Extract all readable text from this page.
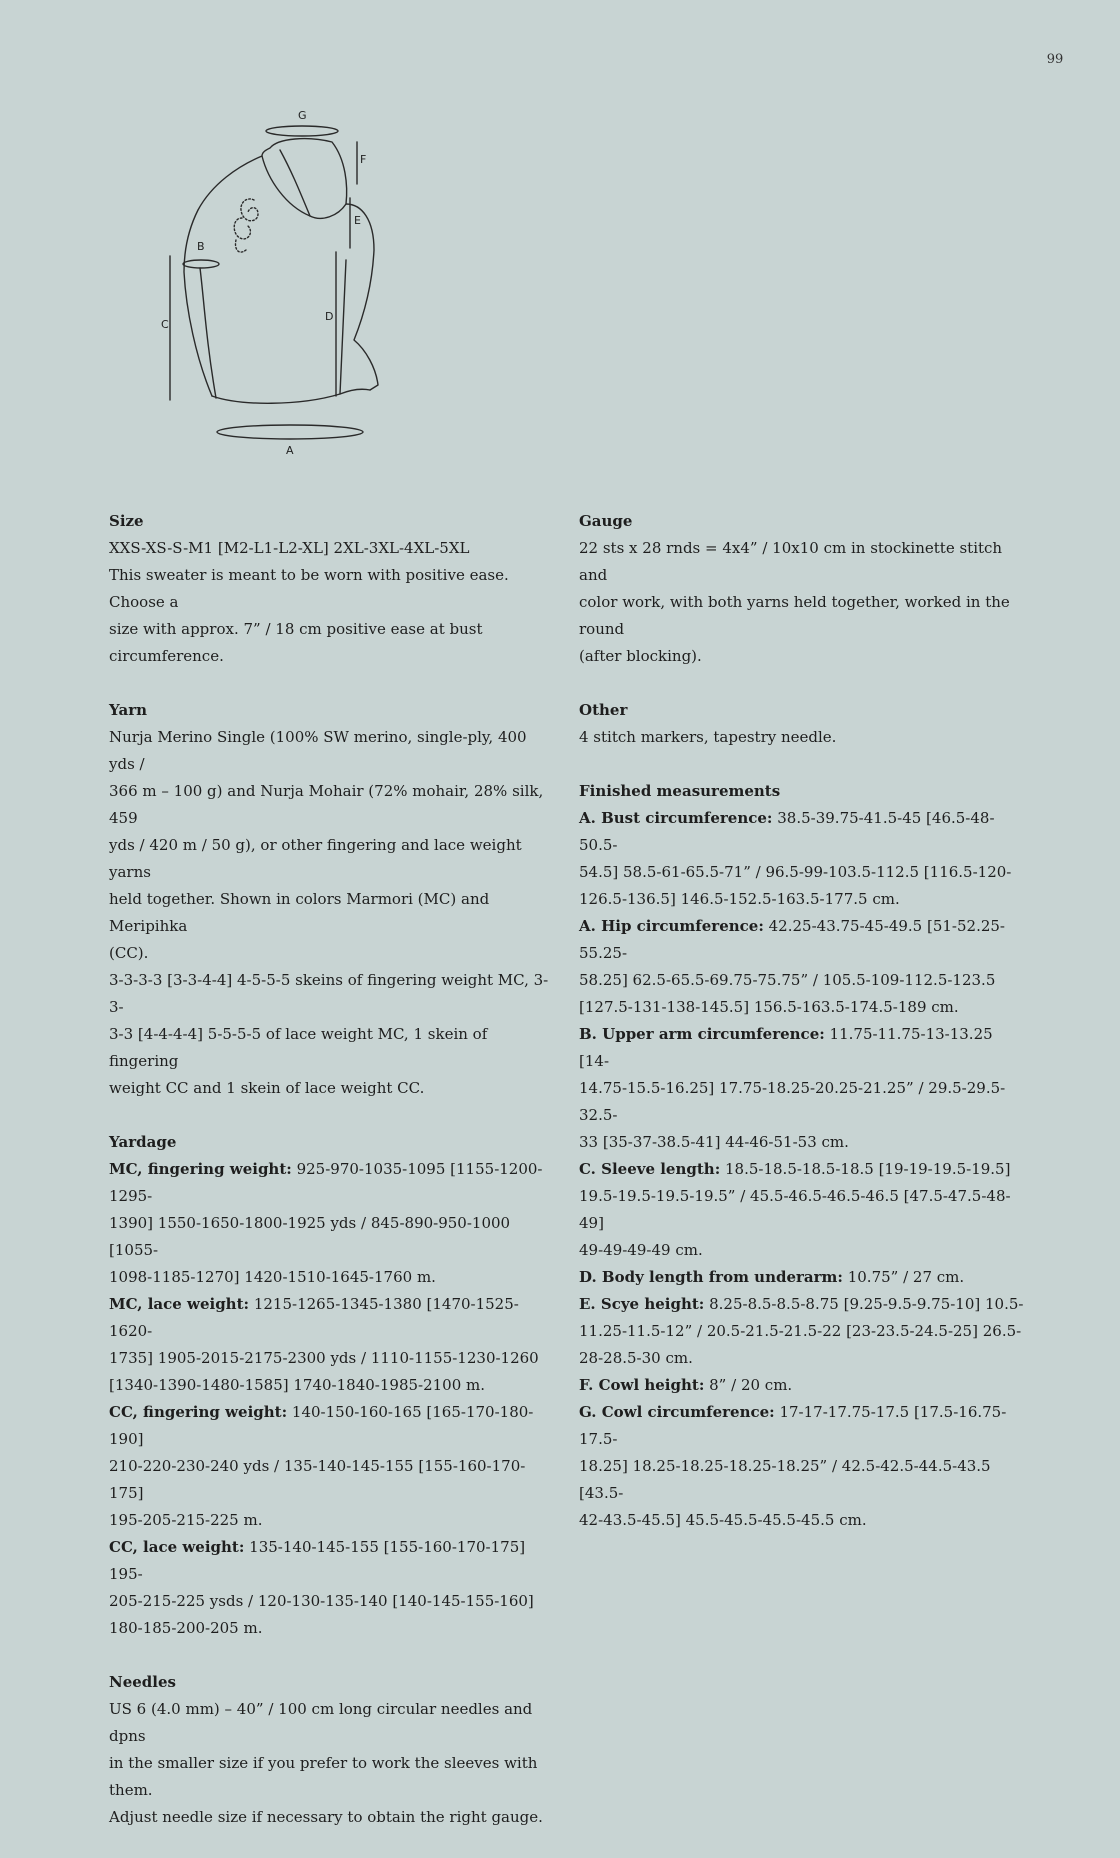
99
G
F
E
B
D
C
A
Size
XXS-XS-S-M1 [M2-L1-L2-XL] 2XL-3XL-4XL-5XL
This sweater is meant to be worn with positive ease. Choose a
size with approx. 7” / 18 cm positive ease at bust circumference.
Yarn
Nurja Merino Single (100% SW merino, single-ply, 400 yds /
366 m – 100 g) and Nurja Mohair (72% mohair, 28% silk, 459
yds / 420 m / 50 g), or other fingering and lace weight yarns
held together. Shown in colors Marmori (MC) and Meripihka
(CC).
3-3-3-3 [3-3-4-4] 4-5-5-5 skeins of fingering weight MC, 3-3-
3-3 [4-4-4-4] 5-5-5-5 of lace weight MC, 1 skein of fingering
weight CC and 1 skein of lace weight CC.
Yardage
MC, fingering weight: 925-970-1035-1095 [1155-1200-1295-
1390] 1550-1650-1800-1925 yds / 845-890-950-1000 [1055-
1098-1185-1270] 1420-1510-1645-1760 m.
MC, lace weight: 1215-1265-1345-1380 [1470-1525-1620-
1735] 1905-2015-2175-2300 yds / 1110-1155-1230-1260
[1340-1390-1480-1585] 1740-1840-1985-2100 m.
CC, fingering weight: 140-150-160-165 [165-170-180-190]
210-220-230-240 yds / 135-140-145-155 [155-160-170-175]
195-205-215-225 m.
CC, lace weight: 135-140-145-155 [155-160-170-175] 195-
205-215-225 ysds / 120-130-135-140 [140-145-155-160]
180-185-200-205 m.
Needles
US 6 (4.0 mm) – 40” / 100 cm long circular needles and dpns
in the smaller size if you prefer to work the sleeves with them.
Adjust needle size if necessary to obtain the right gauge.
Gauge
22 sts x 28 rnds = 4x4” / 10x10 cm in stockinette stitch and
color work, with both yarns held together, worked in the round
(after blocking).
Other
4 stitch markers, tapestry needle.
Finished measurements
A. Bust circumference: 38.5-39.75-41.5-45 [46.5-48-50.5-
54.5] 58.5-61-65.5-71” / 96.5-99-103.5-112.5 [116.5-120-
126.5-136.5] 146.5-152.5-163.5-177.5 cm.
A. Hip circumference: 42.25-43.75-45-49.5 [51-52.25-55.25-
58.25] 62.5-65.5-69.75-75.75” / 105.5-109-112.5-123.5
[127.5-131-138-145.5] 156.5-163.5-174.5-189 cm.
B. Upper arm circumference: 11.75-11.75-13-13.25 [14-
14.75-15.5-16.25] 17.75-18.25-20.25-21.25” / 29.5-29.5-32.5-
33 [35-37-38.5-41] 44-46-51-53 cm.
C. Sleeve length: 18.5-18.5-18.5-18.5 [19-19-19.5-19.5]
19.5-19.5-19.5-19.5” / 45.5-46.5-46.5-46.5 [47.5-47.5-48-49]
49-49-49-49 cm.
D. Body length from underarm: 10.75” / 27 cm.
E. Scye height: 8.25-8.5-8.5-8.75 [9.25-9.5-9.75-10] 10.5-
11.25-11.5-12” / 20.5-21.5-21.5-22 [23-23.5-24.5-25] 26.5-
28-28.5-30 cm.
F. Cowl height: 8” / 20 cm.
G. Cowl circumference: 17-17-17.75-17.5 [17.5-16.75-17.5-
18.25] 18.25-18.25-18.25-18.25” / 42.5-42.5-44.5-43.5 [43.5-
42-43.5-45.5] 45.5-45.5-45.5-45.5 cm.
